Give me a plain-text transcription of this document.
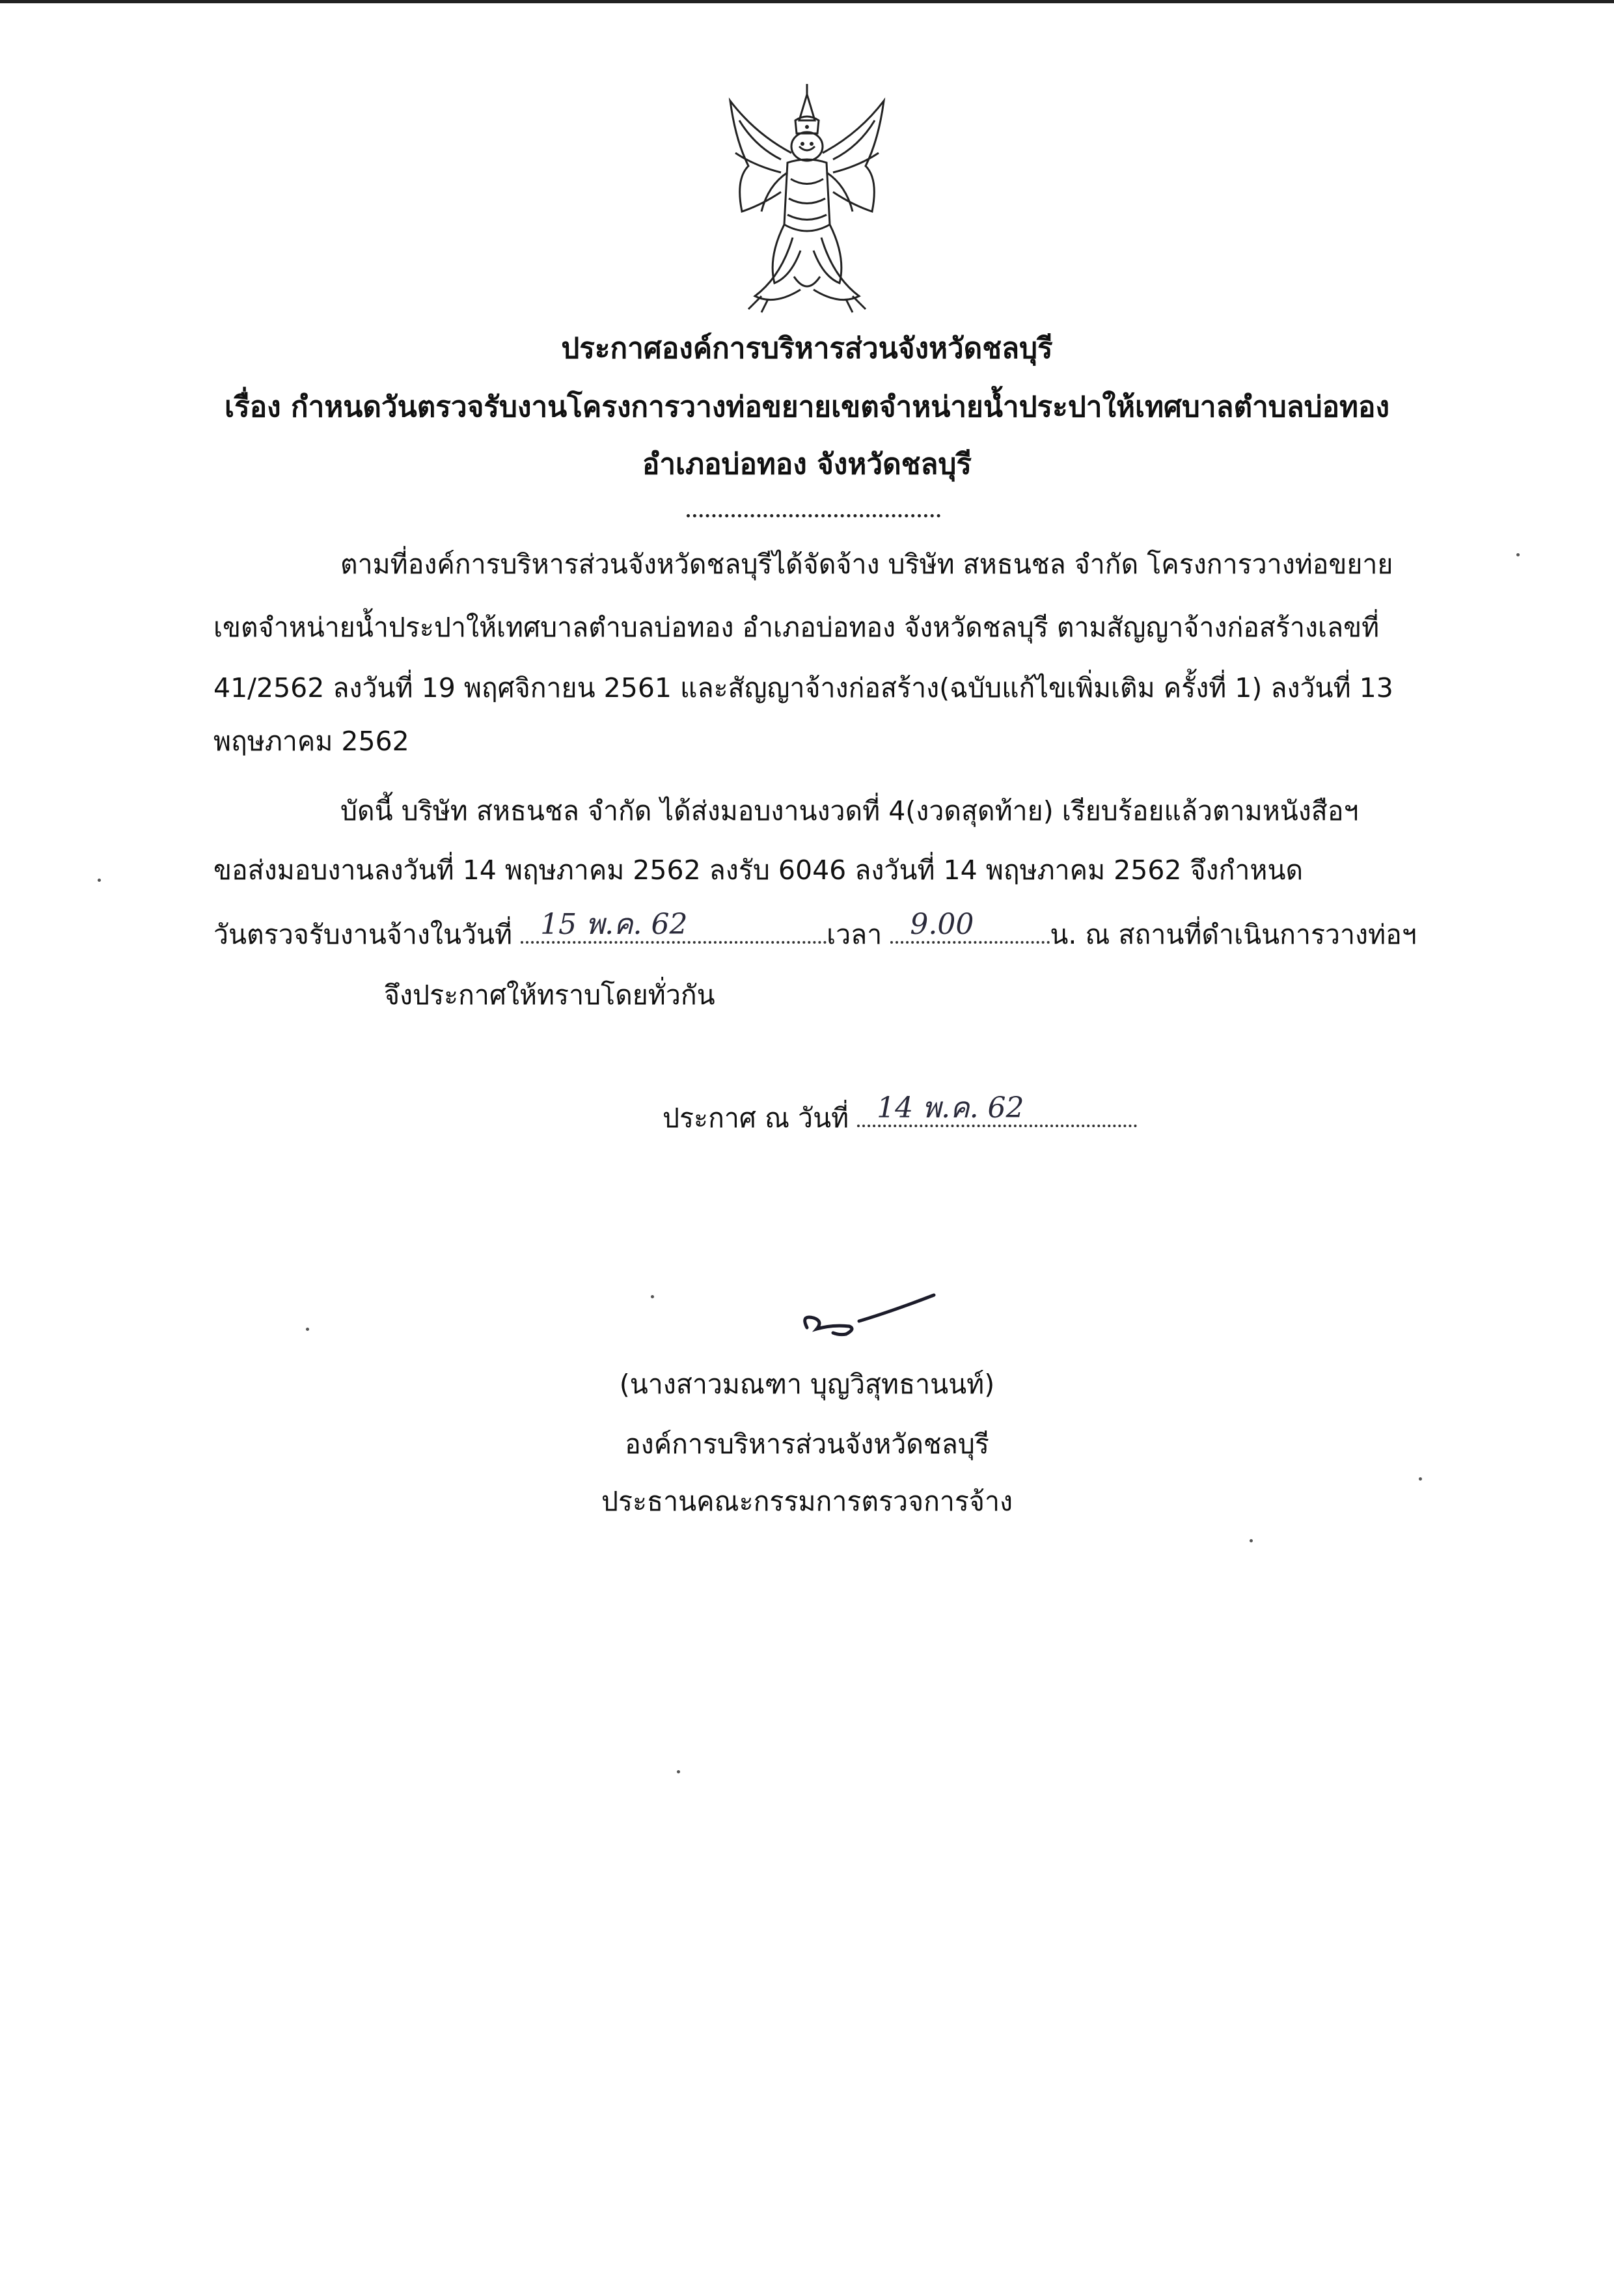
ประกาศองค์การบริหารส่วนจังหวัดชลบุรี
เรื่อง กำหนดวันตรวจรับงานโครงการวางท่อขยายเขตจำหน่ายน้ำประปาให้เทศบาลตำบลบ่อทอง
อำเภอบ่อทอง จังหวัดชลบุรี
ตามที่องค์การบริหารส่วนจังหวัดชลบุรีได้จัดจ้าง บริษัท สหธนชล จำกัด โครงการวางท่อขยาย
เขตจำหน่ายน้ำประปาให้เทศบาลตำบลบ่อทอง อำเภอบ่อทอง จังหวัดชลบุรี ตามสัญญาจ้างก่อสร้างเลขที่
41/2562 ลงวันที่ 19 พฤศจิกายน 2561 และสัญญาจ้างก่อสร้าง(ฉบับแก้ไขเพิ่มเติม ครั้งที่ 1) ลงวันที่ 13
พฤษภาคม 2562
บัดนี้ บริษัท สหธนชล จำกัด ได้ส่งมอบงานงวดที่ 4(งวดสุดท้าย) เรียบร้อยแล้วตามหนังสือฯ
ขอส่งมอบงานลงวันที่ 14 พฤษภาคม 2562 ลงรับ 6046 ลงวันที่ 14 พฤษภาคม 2562 จึงกำหนด
วันตรวจรับงานจ้างในวันที่ 15 พ.ค. 62	เวลา 9.00	น. ณ สถานที่ดำเนินการวางท่อฯ
จึงประกาศให้ทราบโดยทั่วกัน
ประกาศ ณ วันที่ 14 พ.ค. 62
(นางสาวมณฑา บุญวิสุทธานนท์)
องค์การบริหารส่วนจังหวัดชลบุรี
ประธานคณะกรรมการตรวจการจ้าง
